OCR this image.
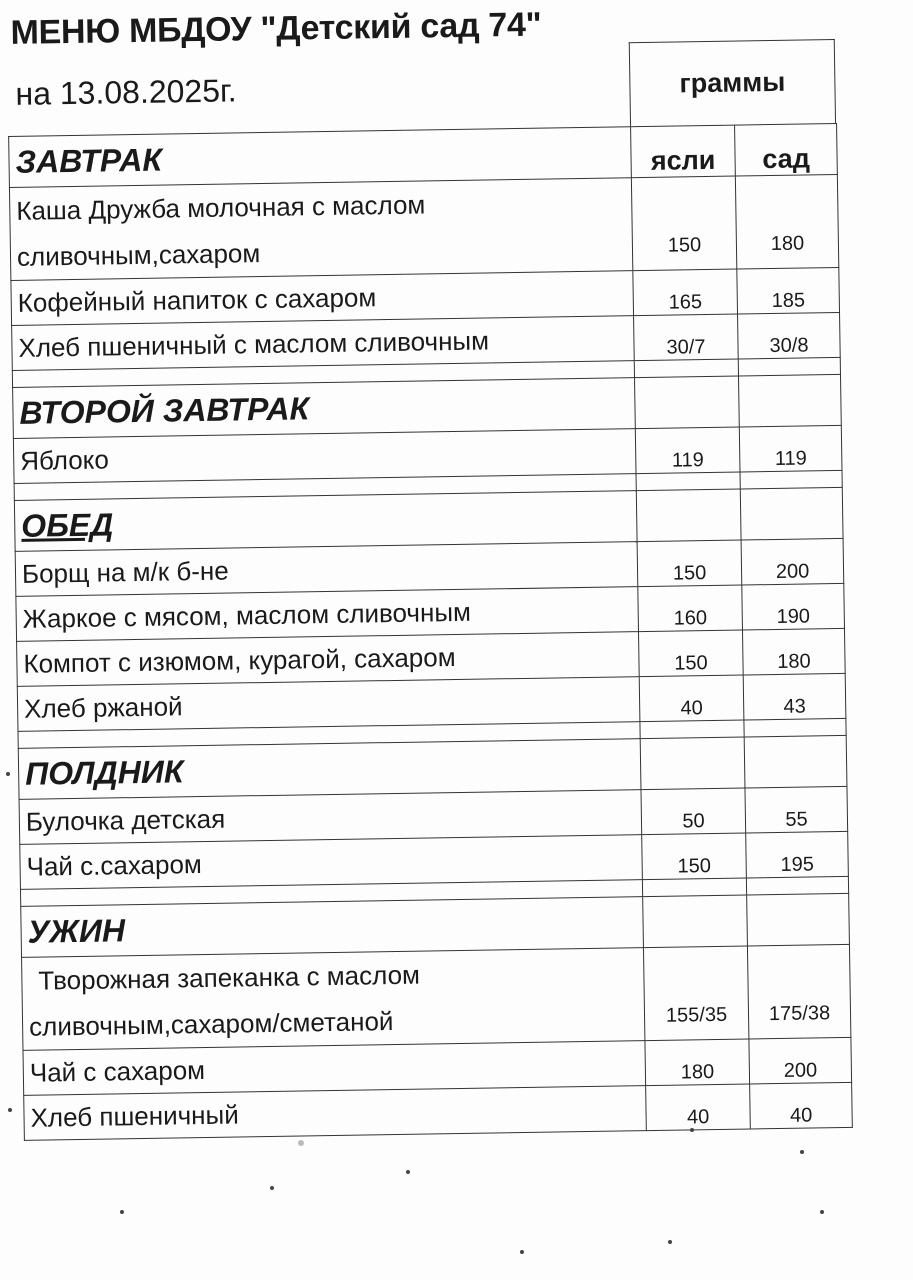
МЕНЮ МБДОУ "Детский сад 74"
на 13.08.2025г.	граммы
ЗАВТРАК	ясли	сад

Каша Дружба молочная с маслом
сливочным,сахаром	150	180
Кофейный напиток с сахаром	165	185
Хлеб пшеничный с маслом сливочным	30/7	30/8

ВТОРОЙ ЗАВТРАК		
Яблоко	119	119

ОБЕД		
Борщ на м/к б-не	150	200
Жаркое с мясом, маслом сливочным	160	190
Компот с изюмом, курагой, сахаром	150	180
Хлеб ржаной	40	43

ПОЛДНИК		
Булочка детская	50	55
Чай с.сахаром	150	195

УЖИН		

Творожная запеканка с маслом
сливочным,сахаром/сметаной	155/35	175/38
Чай с сахаром	180	200
Хлеб пшеничный	40	40
